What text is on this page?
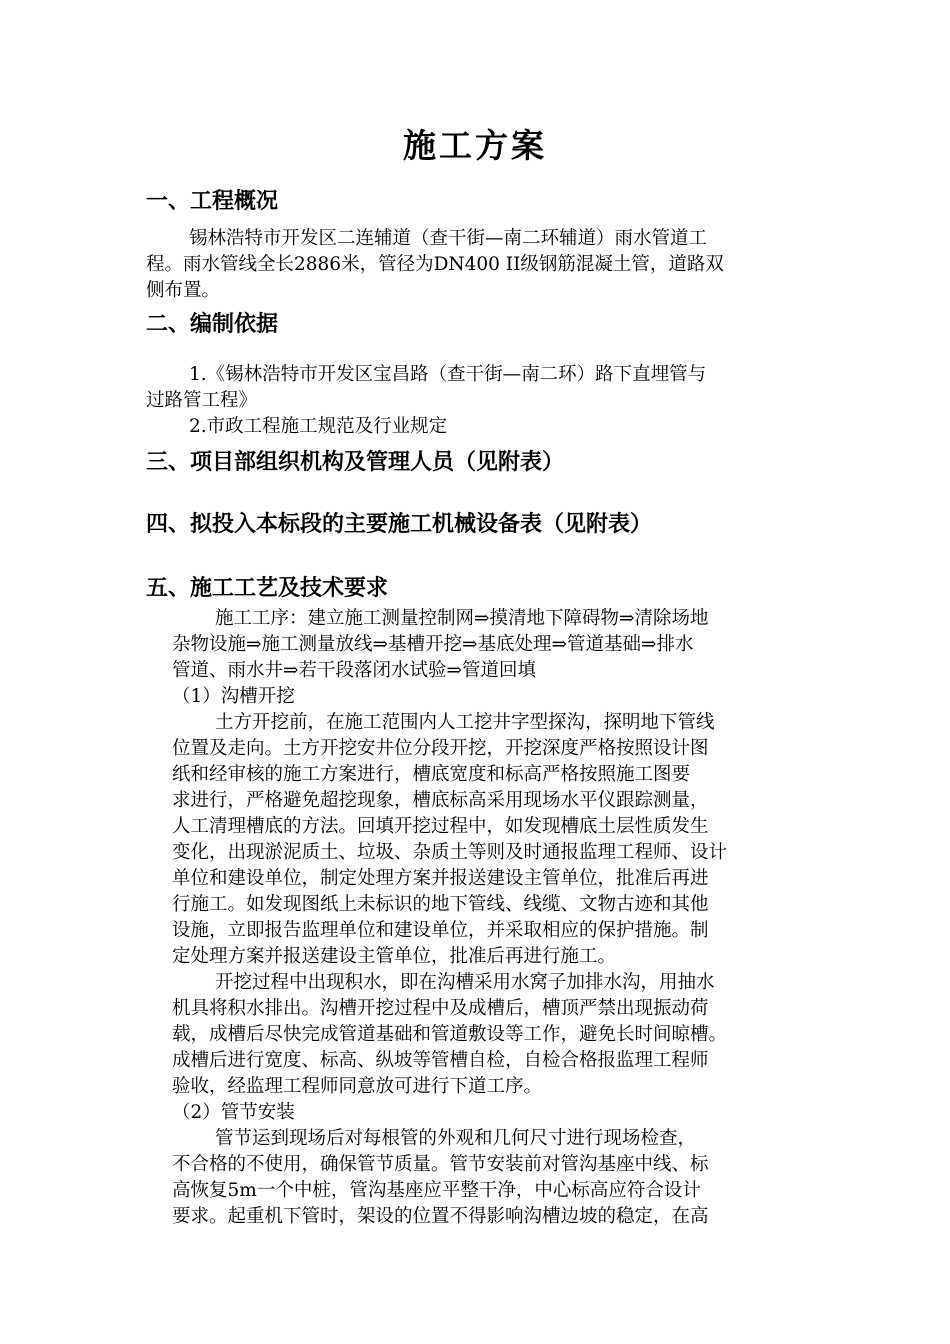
施工方案
一、工程概况
锡林浩特市开发区二连辅道（查干街—南二环辅道）雨水管道工
程。雨水管线全长2886米，管径为DN400 II级钢筋混凝土管，道路双
侧布置。
二、编制依据
1.《锡林浩特市开发区宝昌路（查干街—南二环）路下直埋管与
过路管工程》
2.市政工程施工规范及行业规定
三、项目部组织机构及管理人员（见附表）
四、拟投入本标段的主要施工机械设备表（见附表）
五、施工工艺及技术要求
施工工序：建立施工测量控制网⇒摸清地下障碍物⇒清除场地
杂物设施⇒施工测量放线⇒基槽开挖⇒基底处理⇒管道基础⇒排水
管道、雨水井⇒若干段落闭水试验⇒管道回填
（1）沟槽开挖
土方开挖前，在施工范围内人工挖井字型探沟，探明地下管线
位置及走向。土方开挖安井位分段开挖，开挖深度严格按照设计图
纸和经审核的施工方案进行，槽底宽度和标高严格按照施工图要
求进行，严格避免超挖现象，槽底标高采用现场水平仪跟踪测量，
人工清理槽底的方法。回填开挖过程中，如发现槽底土层性质发生
变化，出现淤泥质土、垃圾、杂质土等则及时通报监理工程师、设计
单位和建设单位，制定处理方案并报送建设主管单位，批准后再进
行施工。如发现图纸上未标识的地下管线、线缆、文物古迹和其他
设施，立即报告监理单位和建设单位，并采取相应的保护措施。制
定处理方案并报送建设主管单位，批准后再进行施工。
开挖过程中出现积水，即在沟槽采用水窝子加排水沟，用抽水
机具将积水排出。沟槽开挖过程中及成槽后，槽顶严禁出现振动荷
载，成槽后尽快完成管道基础和管道敷设等工作，避免长时间晾槽。
成槽后进行宽度、标高、纵坡等管槽自检，自检合格报监理工程师
验收，经监理工程师同意放可进行下道工序。
（2）管节安装
管节运到现场后对每根管的外观和几何尺寸进行现场检查，
不合格的不使用，确保管节质量。管节安装前对管沟基座中线、标
高恢复5m一个中桩，管沟基座应平整干净，中心标高应符合设计
要求。起重机下管时，架设的位置不得影响沟槽边坡的稳定，在高
